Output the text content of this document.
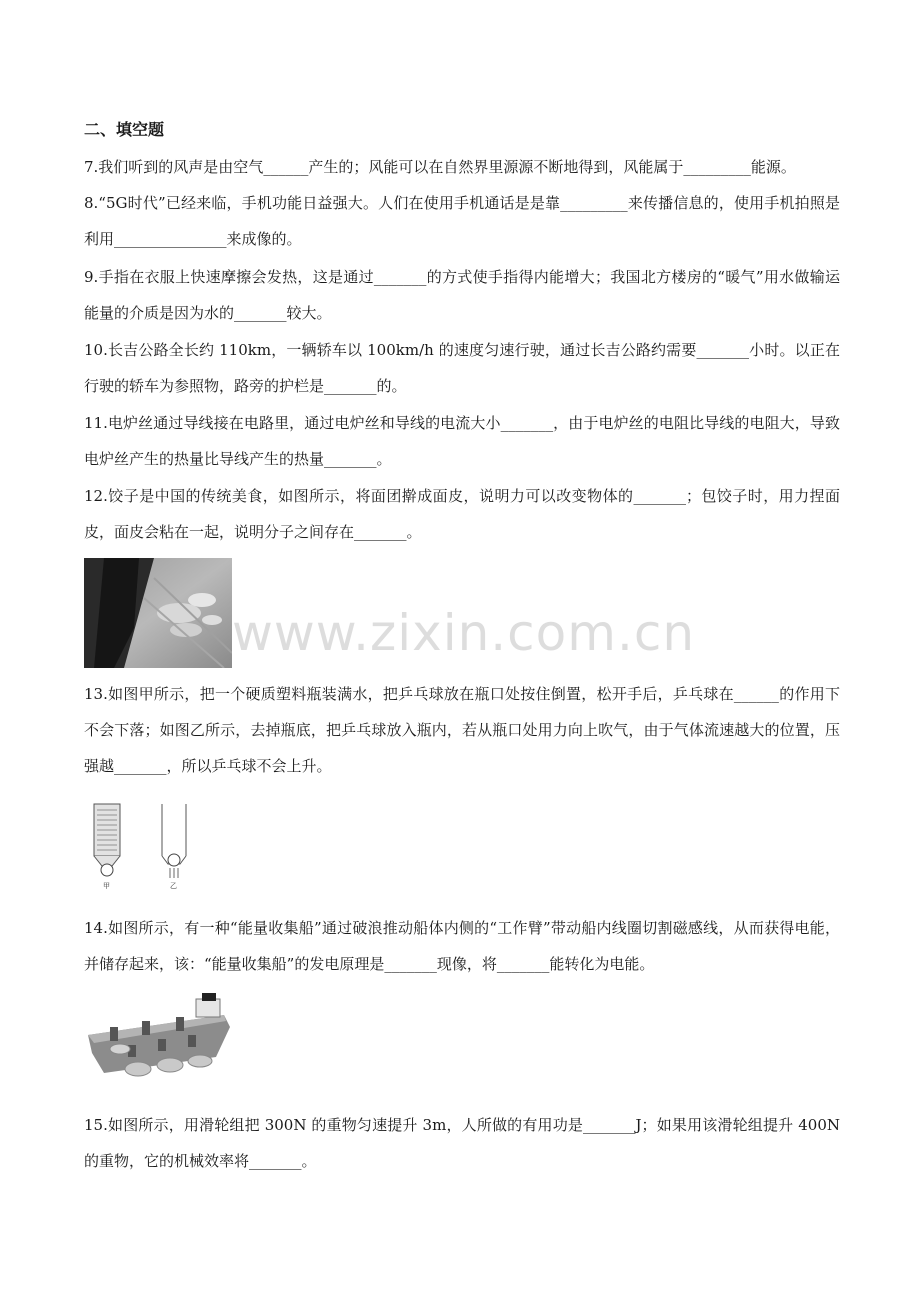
二、填空题
7.我们听到的风声是由空气______产生的；风能可以在自然界里源源不断地得到，风能属于_________能源。
8.“5G时代”已经来临，手机功能日益强大。人们在使用手机通话是是靠_________来传播信息的，使用手机拍照是利用_______________来成像的。
9.手指在衣服上快速摩擦会发热，这是通过_______的方式使手指得内能增大；我国北方楼房的“暖气”用水做输运能量的介质是因为水的_______较大。
10.长吉公路全长约 110km，一辆轿车以 100km/h 的速度匀速行驶，通过长吉公路约需要_______小时。以正在行驶的轿车为参照物，路旁的护栏是_______的。
11.电炉丝通过导线接在电路里，通过电炉丝和导线的电流大小_______，由于电炉丝的电阻比导线的电阻大，导致电炉丝产生的热量比导线产生的热量_______。
12.饺子是中国的传统美食，如图所示，将面团擀成面皮，说明力可以改变物体的_______；包饺子时，用力捏面皮，面皮会粘在一起，说明分子之间存在_______。
www.zixin.com.cn
13.如图甲所示，把一个硬质塑料瓶装满水，把乒乓球放在瓶口处按住倒置，松开手后，乒乓球在______的作用下不会下落；如图乙所示，去掉瓶底，把乒乓球放入瓶内，若从瓶口处用力向上吹气，由于气体流速越大的位置，压强越_______，所以乒乓球不会上升。
甲	乙
14.如图所示，有一种“能量收集船”通过破浪推动船体内侧的“工作臂”带动船内线圈切割磁感线，从而获得电能，并储存起来，该：“能量收集船”的发电原理是_______现像，将_______能转化为电能。
15.如图所示，用滑轮组把 300N 的重物匀速提升 3m，人所做的有用功是_______J；如果用该滑轮组提升 400N 的重物，它的机械效率将_______。
